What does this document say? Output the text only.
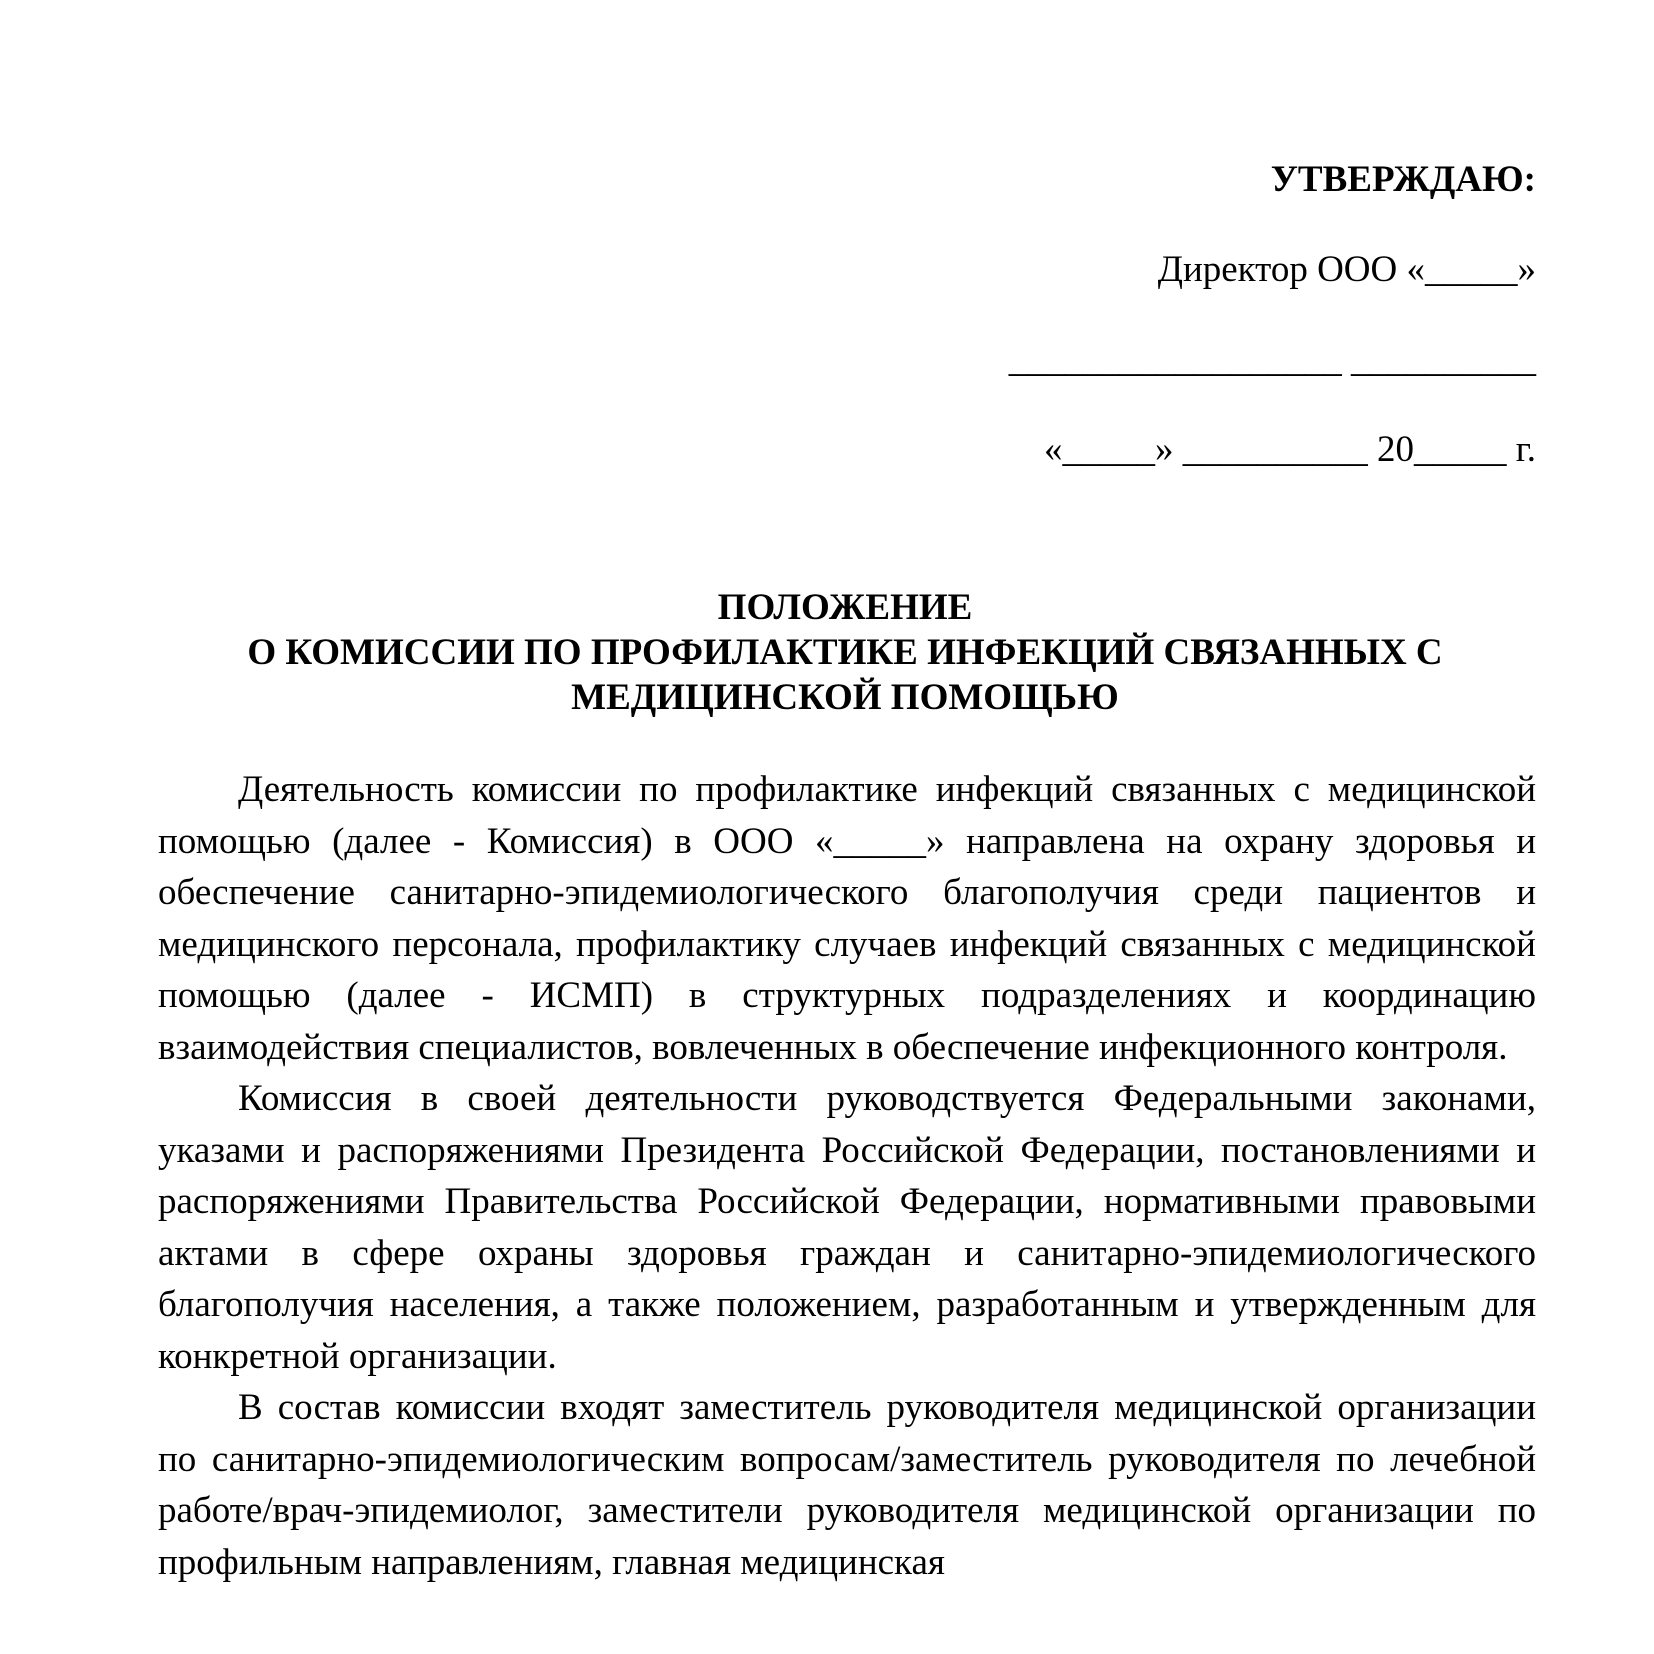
УТВЕРЖДАЮ:
Директор ООО «_____»
__________________ __________
«_____» __________ 20_____ г.
ПОЛОЖЕНИЕ
О КОМИССИИ ПО ПРОФИЛАКТИКЕ ИНФЕКЦИЙ СВЯЗАННЫХ С
МЕДИЦИНСКОЙ ПОМОЩЬЮ

Деятельность комиссии по профилактике инфекций связанных с медицинской помощью (далее - Комиссия) в ООО «_____» направлена на охрану здоровья и обеспечение санитарно-эпидемиологического благополучия среди пациентов и медицинского персонала, профилактику случаев инфекций связанных с медицинской помощью (далее - ИСМП) в структурных подразделениях и координацию взаимодействия специалистов, вовлеченных в обеспечение инфекционного контроля.

Комиссия в своей деятельности руководствуется Федеральными законами, указами и распоряжениями Президента Российской Федерации, постановлениями и распоряжениями Правительства Российской Федерации, нормативными правовыми актами в сфере охраны здоровья граждан и санитарно-эпидемиологического благополучия населения, а также положением, разработанным и утвержденным для конкретной организации.

В состав комиссии входят заместитель руководителя медицинской организации по санитарно-эпидемиологическим вопросам/заместитель руководителя по лечебной работе/врач-эпидемиолог, заместители руководителя медицинской организации по профильным направлениям, главная медицинская
